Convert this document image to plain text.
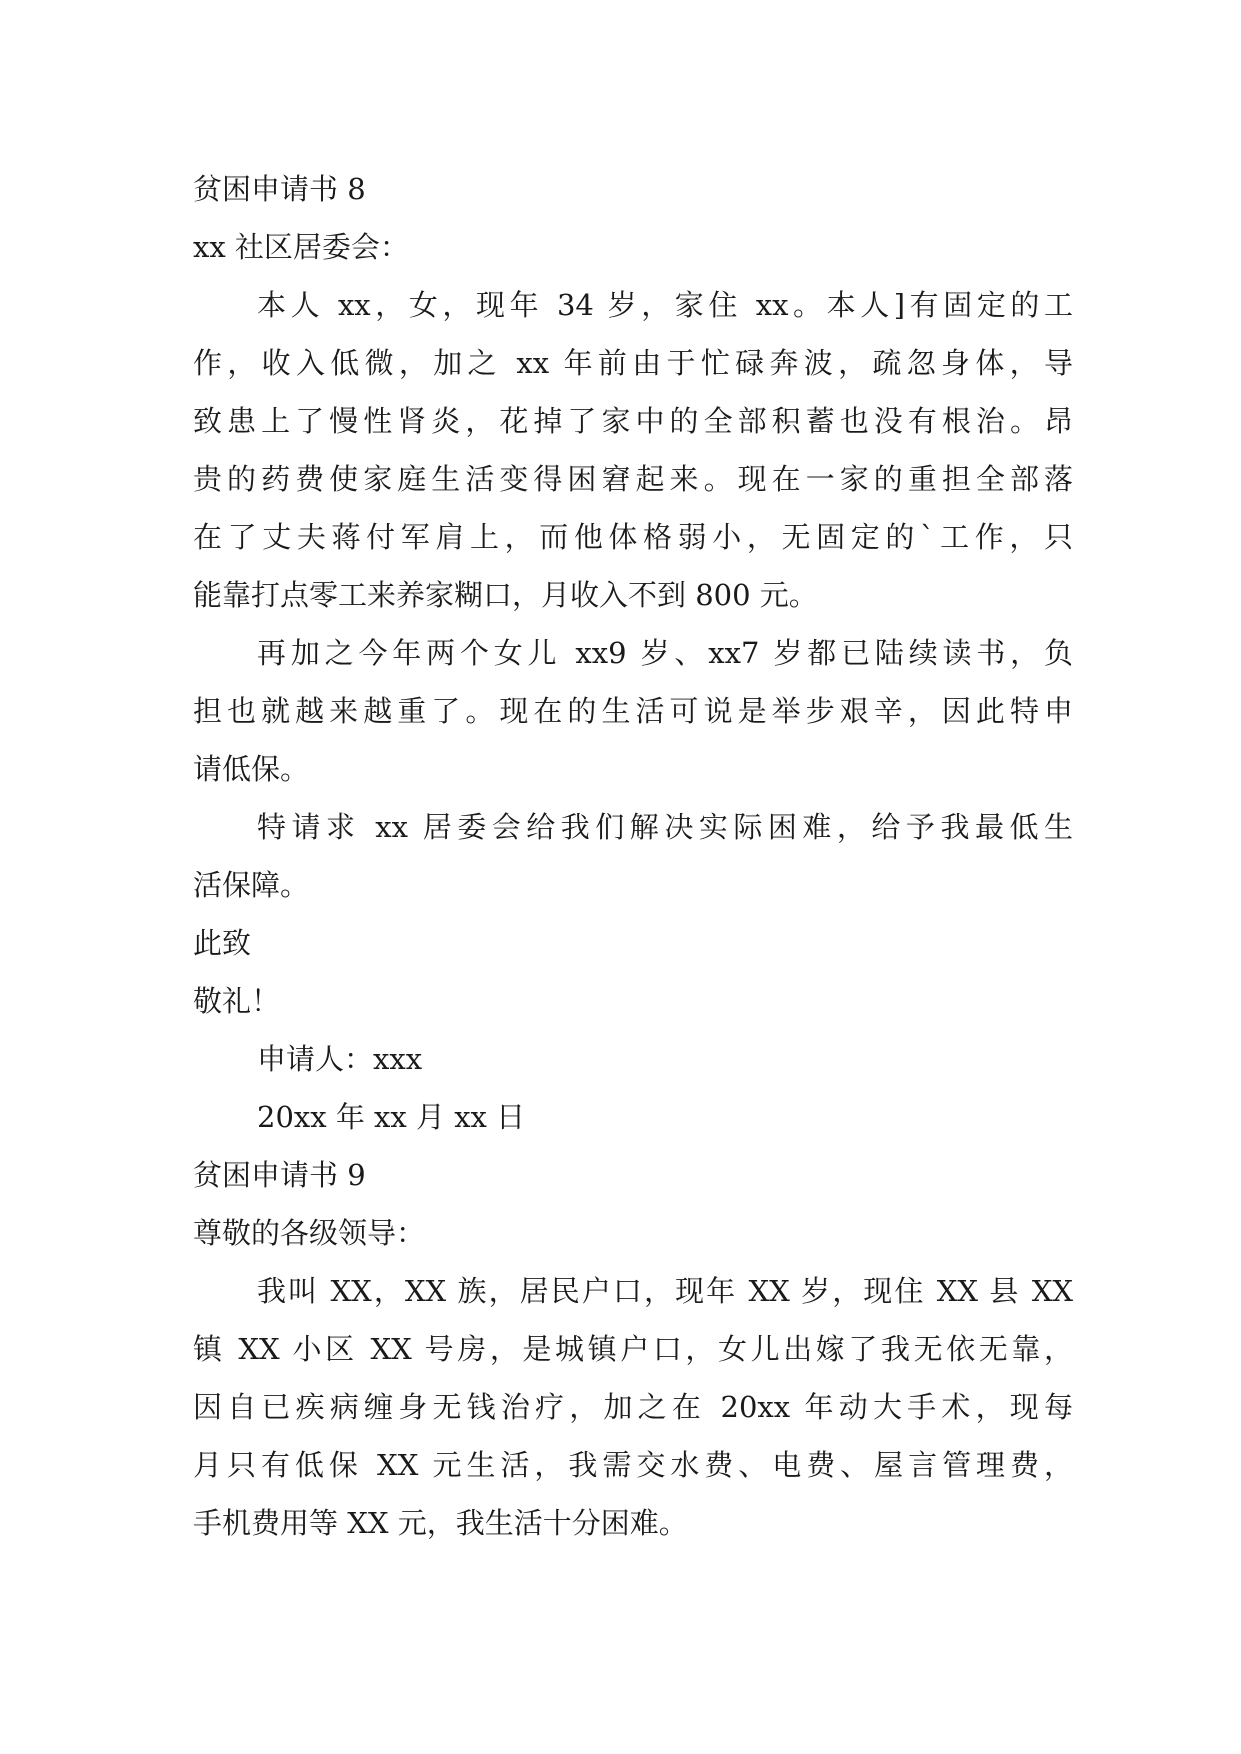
贫困申请书 8
xx 社区居委会：
本人 xx，女，现年 34 岁，家住 xx。本人]有固定的工
作，收入低微，加之 xx 年前由于忙碌奔波，疏忽身体，导
致患上了慢性肾炎，花掉了家中的全部积蓄也没有根治。昂
贵的药费使家庭生活变得困窘起来。现在一家的重担全部落
在了丈夫蒋付军肩上，而他体格弱小，无固定的`工作，只
能靠打点零工来养家糊口，月收入不到 800 元。
再加之今年两个女儿 xx9 岁、xx7 岁都已陆续读书，负
担也就越来越重了。现在的生活可说是举步艰辛，因此特申
请低保。
特请求 xx 居委会给我们解决实际困难，给予我最低生
活保障。
此致
敬礼！
申请人：xxx
20xx 年 xx 月 xx 日
贫困申请书 9
尊敬的各级领导：
我叫 XX，XX 族，居民户口，现年 XX 岁，现住 XX 县 XX
镇 XX 小区 XX 号房，是城镇户口，女儿出嫁了我无依无靠，
因自已疾病缠身无钱治疗，加之在 20xx 年动大手术，现每
月只有低保 XX 元生活，我需交水费、电费、屋言管理费，
手机费用等 XX 元，我生活十分困难。
